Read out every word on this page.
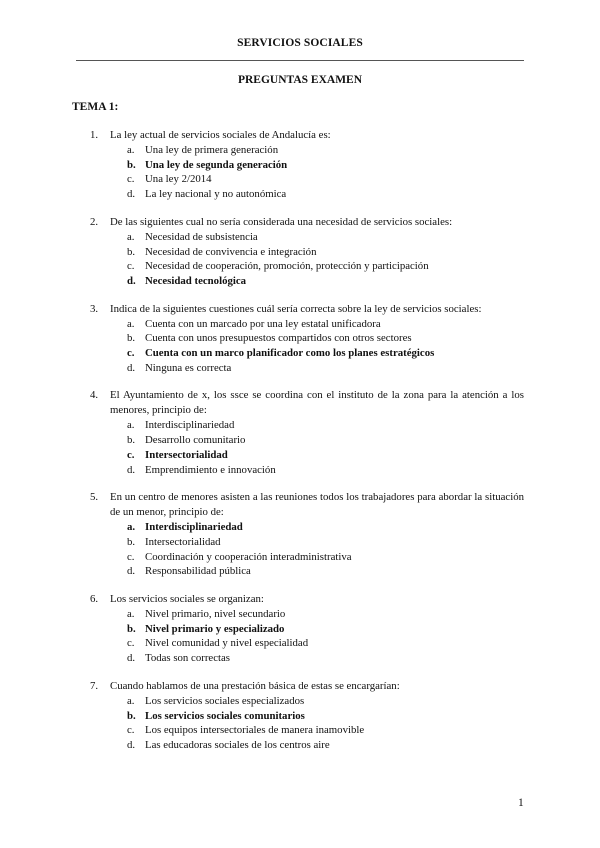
SERVICIOS SOCIALES
PREGUNTAS EXAMEN
TEMA 1:
1. La ley actual de servicios sociales de Andalucía es:
a. Una ley de primera generación
b. Una ley de segunda generación
c. Una ley 2/2014
d. La ley nacional y no autonómica
2. De las siguientes cual no sería considerada una necesidad de servicios sociales:
a. Necesidad de subsistencia
b. Necesidad de convivencia e integración
c. Necesidad de cooperación, promoción, protección y participación
d. Necesidad tecnológica
3. Indica de la siguientes cuestiones cuál sería correcta sobre la ley de servicios sociales:
a. Cuenta con un marcado por una ley estatal unificadora
b. Cuenta con unos presupuestos compartidos con otros sectores
c. Cuenta con un marco planificador como los planes estratégicos
d. Ninguna es correcta
4. El Ayuntamiento de x, los ssce se coordina con el instituto de la zona para la atención a los menores, principio de:
a. Interdisciplinariedad
b. Desarrollo comunitario
c. Intersectorialidad
d. Emprendimiento e innovación
5. En un centro de menores asisten a las reuniones todos los trabajadores para abordar la situación de un menor, principio de:
a. Interdisciplinariedad
b. Intersectorialidad
c. Coordinación y cooperación interadministrativa
d. Responsabilidad pública
6. Los servicios sociales se organizan:
a. Nivel primario, nivel secundario
b. Nivel primario y especializado
c. Nivel comunidad y nivel especialidad
d. Todas son correctas
7. Cuando hablamos de una prestación básica de estas se encargarían:
a. Los servicios sociales especializados
b. Los servicios sociales comunitarios
c. Los equipos intersectoriales de manera inamovible
d. Las educadoras sociales de los centros aire
1
